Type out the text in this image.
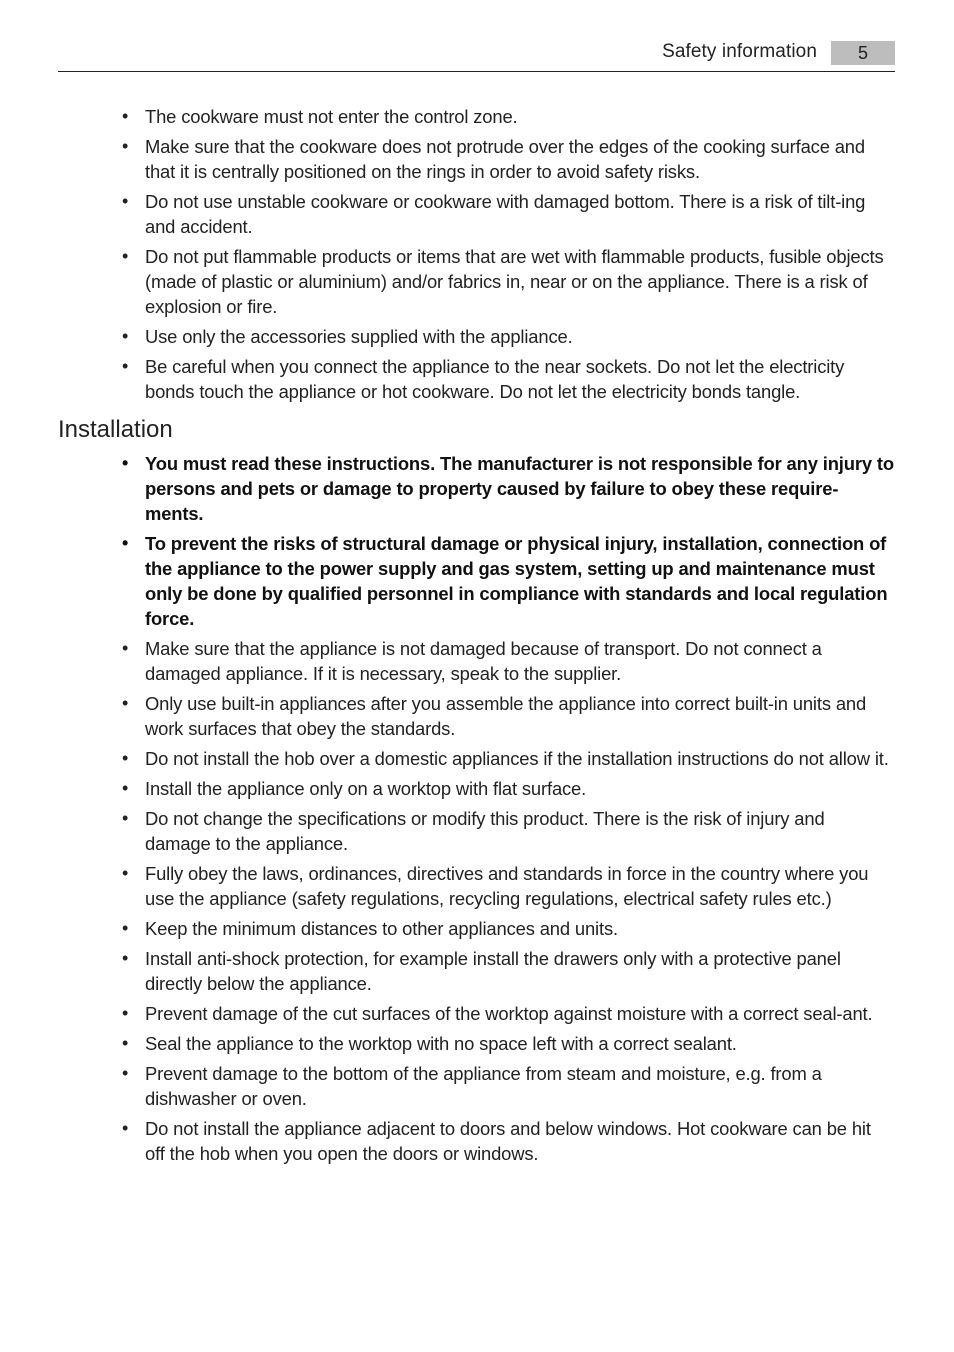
Safety information	5
• The cookware must not enter the control zone.
• Make sure that the cookware does not protrude over the edges of the cooking surface and that it is centrally positioned on the rings in order to avoid safety risks.
• Do not use unstable cookware or cookware with damaged bottom. There is a risk of tilt-ing and accident.
• Do not put flammable products or items that are wet with flammable products, fusible objects (made of plastic or aluminium) and/or fabrics in, near or on the appliance. There is a risk of explosion or fire.
• Use only the accessories supplied with the appliance.
• Be careful when you connect the appliance to the near sockets. Do not let the electricity bonds touch the appliance or hot cookware. Do not let the electricity bonds tangle.
Installation
• You must read these instructions. The manufacturer is not responsible for any injury to persons and pets or damage to property caused by failure to obey these require-ments.
• To prevent the risks of structural damage or physical injury, installation, connection of the appliance to the power supply and gas system, setting up and maintenance must only be done by qualified personnel in compliance with standards and local regulation force.
• Make sure that the appliance is not damaged because of transport. Do not connect a damaged appliance. If it is necessary, speak to the supplier.
• Only use built-in appliances after you assemble the appliance into correct built-in units and work surfaces that obey the standards.
• Do not install the hob over a domestic appliances if the installation instructions do not allow it.
• Install the appliance only on a worktop with flat surface.
• Do not change the specifications or modify this product. There is the risk of injury and damage to the appliance.
• Fully obey the laws, ordinances, directives and standards in force in the country where you use the appliance (safety regulations, recycling regulations, electrical safety rules etc.)
• Keep the minimum distances to other appliances and units.
• Install anti-shock protection, for example install the drawers only with a protective panel directly below the appliance.
• Prevent damage of the cut surfaces of the worktop against moisture with a correct seal-ant.
• Seal the appliance to the worktop with no space left with a correct sealant.
• Prevent damage to the bottom of the appliance from steam and moisture, e.g. from a dishwasher or oven.
• Do not install the appliance adjacent to doors and below windows. Hot cookware can be hit off the hob when you open the doors or windows.
